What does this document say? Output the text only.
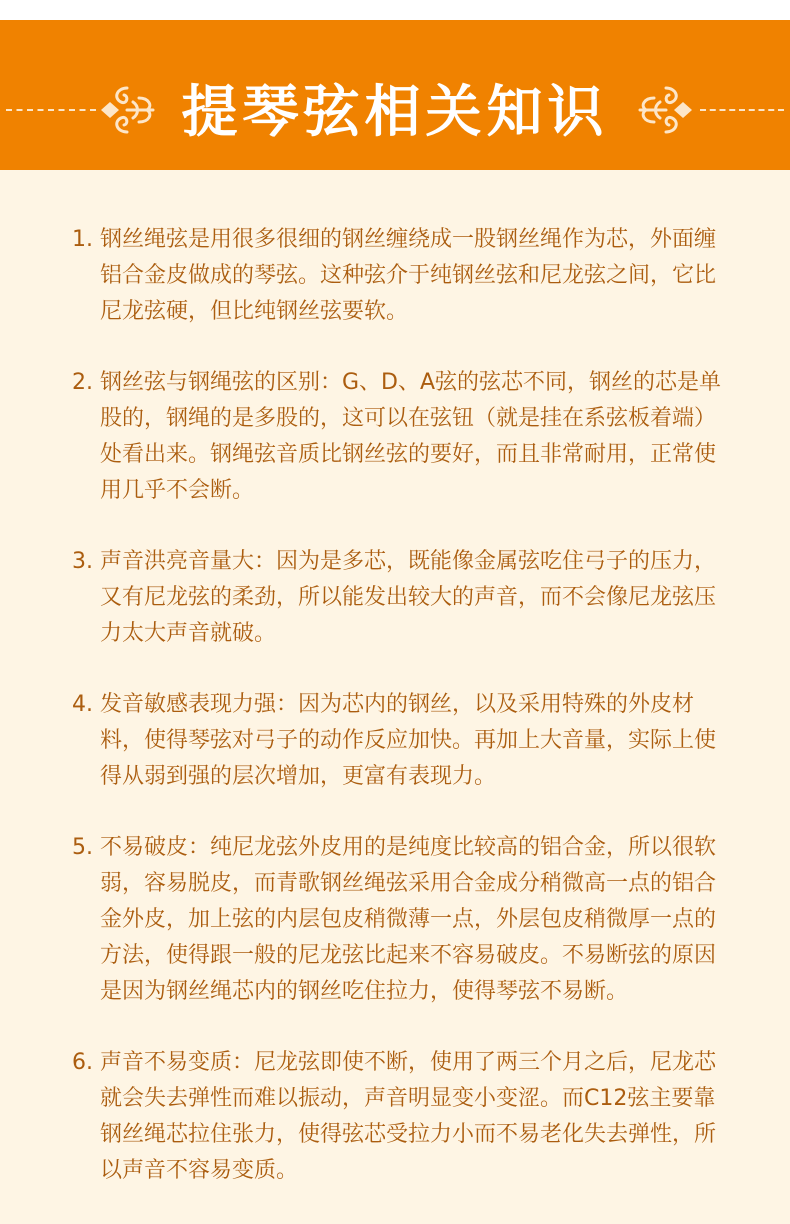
提琴弦相关知识
1. 钢丝绳弦是用很多很细的钢丝缠绕成一股钢丝绳作为芯，外面缠铝合金皮做成的琴弦。这种弦介于纯钢丝弦和尼龙弦之间，它比尼龙弦硬，但比纯钢丝弦要软。
2. 钢丝弦与钢绳弦的区别：G、D、A弦的弦芯不同，钢丝的芯是单股的，钢绳的是多股的，这可以在弦钮（就是挂在系弦板着端）处看出来。钢绳弦音质比钢丝弦的要好，而且非常耐用，正常使用几乎不会断。
3. 声音洪亮音量大：因为是多芯，既能像金属弦吃住弓子的压力，又有尼龙弦的柔劲，所以能发出较大的声音，而不会像尼龙弦压力太大声音就破。
4. 发音敏感表现力强：因为芯内的钢丝，以及采用特殊的外皮材料，使得琴弦对弓子的动作反应加快。再加上大音量，实际上使得从弱到强的层次增加，更富有表现力。
5. 不易破皮：纯尼龙弦外皮用的是纯度比较高的铝合金，所以很软弱，容易脱皮，而青歌钢丝绳弦采用合金成分稍微高一点的铝合金外皮，加上弦的内层包皮稍微薄一点，外层包皮稍微厚一点的方法，使得跟一般的尼龙弦比起来不容易破皮。不易断弦的原因是因为钢丝绳芯内的钢丝吃住拉力，使得琴弦不易断。
6. 声音不易变质：尼龙弦即使不断，使用了两三个月之后，尼龙芯就会失去弹性而难以振动，声音明显变小变涩。而C12弦主要靠钢丝绳芯拉住张力，使得弦芯受拉力小而不易老化失去弹性，所以声音不容易变质。
